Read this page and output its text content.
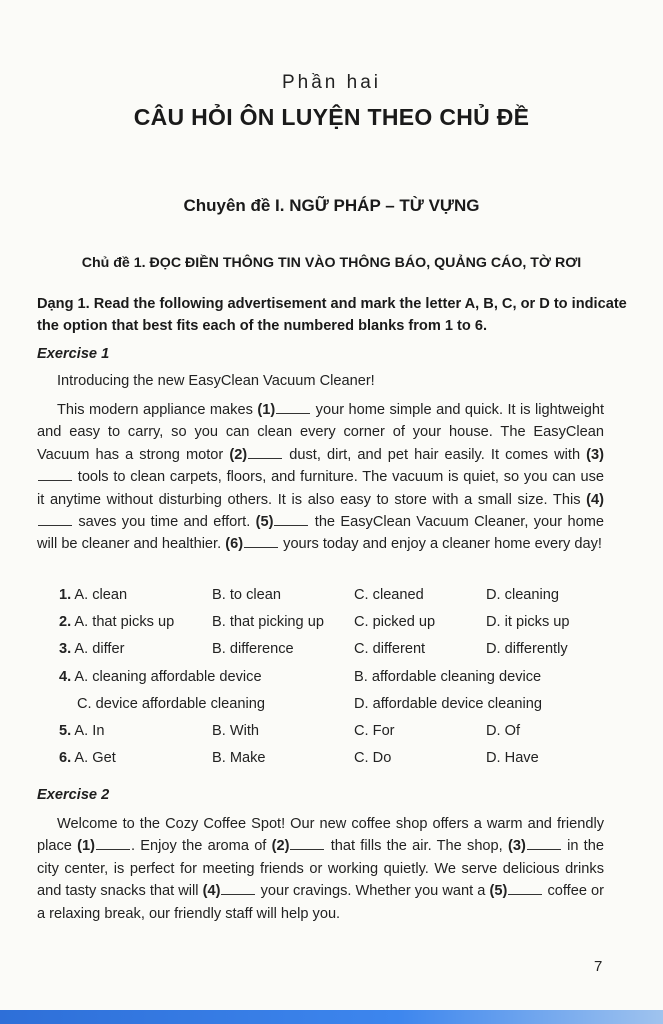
Phần hai
CÂU HỎI ÔN LUYỆN THEO CHỦ ĐỀ
Chuyên đề I. NGỮ PHÁP – TỪ VỰNG
Chủ đề 1. ĐỌC ĐIỀN THÔNG TIN VÀO THÔNG BÁO, QUẢNG CÁO, TỜ RƠI
Dạng 1. Read the following advertisement and mark the letter A, B, C, or D to indicate the option that best fits each of the numbered blanks from 1 to 6.
Exercise 1
Introducing the new EasyClean Vacuum Cleaner!
This modern appliance makes (1)	your home simple and quick. It is lightweight and easy to carry, so you can clean every corner of your house. The EasyClean Vacuum has a strong motor (2)	dust, dirt, and pet hair easily. It comes with (3) tools to clean carpets, floors, and furniture. The vacuum is quiet, so you can use it anytime without disturbing others. It is also easy to store with a small size. This (4) saves you time and effort. (5)	the EasyClean Vacuum Cleaner, your home will be cleaner and healthier. (6)	yours today and enjoy a cleaner home every day!
1. A. clean	B. to clean	C. cleaned	D. cleaning
2. A. that picks up	B. that picking up C. picked up	D. it picks up
3. A. differ	B. difference	C. different	D. differently
4. A. cleaning affordable device	B. affordable cleaning device
C. device affordable cleaning	D. affordable device cleaning
5. A. In	B. With	C. For	D. Of
6. A. Get	B. Make	C. Do	D. Have
Exercise 2
Welcome to the Cozy Coffee Spot! Our new coffee shop offers a warm and friendly place (1) . Enjoy the aroma of (2)	that fills the air. The shop, (3)	in the city center, is perfect for meeting friends or working quietly. We serve delicious drinks and tasty snacks that will (4)	your cravings. Whether you want a (5)	coffee or a relaxing break, our friendly staff will help you.
7
